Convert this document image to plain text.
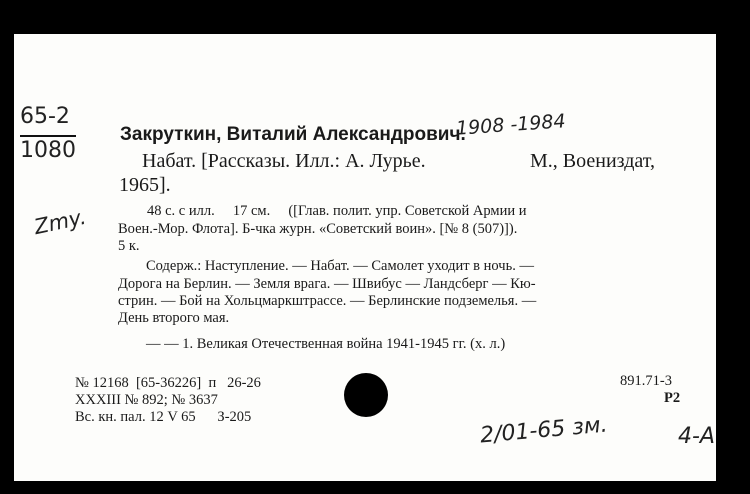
65-2
1080
Zmy.
Закруткин, Виталий Александрович.
1908 -1984
Набат. [Рассказы. Илл.: А. Лурье.	М., Воениздат,
1965].
48 с. с илл.     17 см.     ([Глав. полит. упр. Советской Армии и
Воен.-Мор. Флота]. Б-чка журн. «Советский воин». [№ 8 (507)]).
5 к.
Содерж.: Наступление. — Набат. — Самолет уходит в ночь. —
Дорога на Берлин. — Земля врага. — Швибус — Ландсберг — Кю-
стрин. — Бой на Хольцмаркштрассе. — Берлинские подземелья. —
День второго мая.
— — 1. Великая Отечественная война 1941-1945 гг. (х. л.)
891.71-3
Р2
№ 12168  [65-36226]  п   26-26
XXXIII № 892; № 3637
Вс. кн. пал. 12 V 65      З-205	2/01-65 зм.	4-A
